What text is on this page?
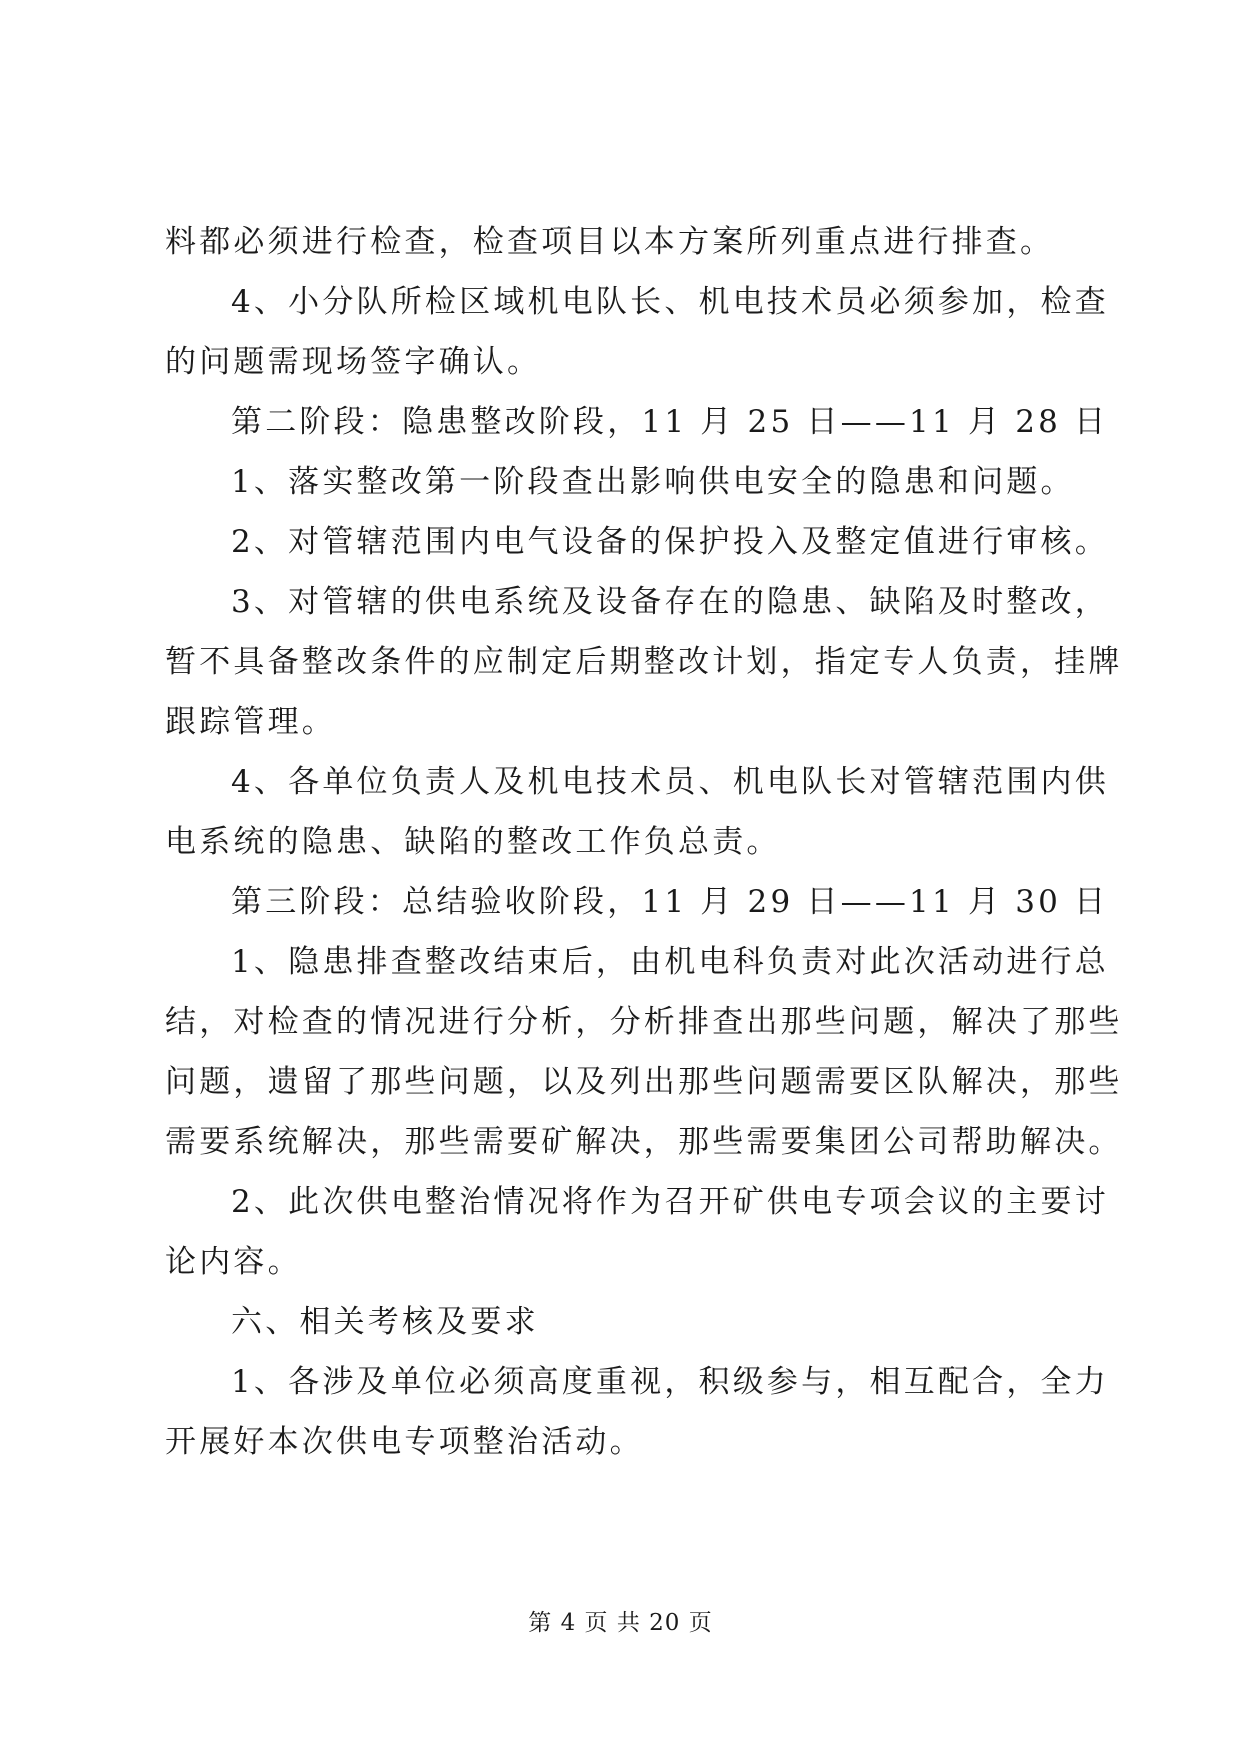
料都必须进行检查，检查项目以本方案所列重点进行排查。
4、小分队所检区域机电队长、机电技术员必须参加，检查
的问题需现场签字确认。
第二阶段：隐患整改阶段，11 月 25 日——11 月 28 日
1、落实整改第一阶段查出影响供电安全的隐患和问题。
2、对管辖范围内电气设备的保护投入及整定值进行审核。
3、对管辖的供电系统及设备存在的隐患、缺陷及时整改，
暂不具备整改条件的应制定后期整改计划，指定专人负责，挂牌
跟踪管理。
4、各单位负责人及机电技术员、机电队长对管辖范围内供
电系统的隐患、缺陷的整改工作负总责。
第三阶段：总结验收阶段，11 月 29 日——11 月 30 日
1、隐患排查整改结束后，由机电科负责对此次活动进行总
结，对检查的情况进行分析，分析排查出那些问题，解决了那些
问题，遗留了那些问题，以及列出那些问题需要区队解决，那些
需要系统解决，那些需要矿解决，那些需要集团公司帮助解决。
2、此次供电整治情况将作为召开矿供电专项会议的主要讨
论内容。
六、相关考核及要求
1、各涉及单位必须高度重视，积级参与，相互配合，全力
开展好本次供电专项整治活动。
第 4 页 共 20 页
